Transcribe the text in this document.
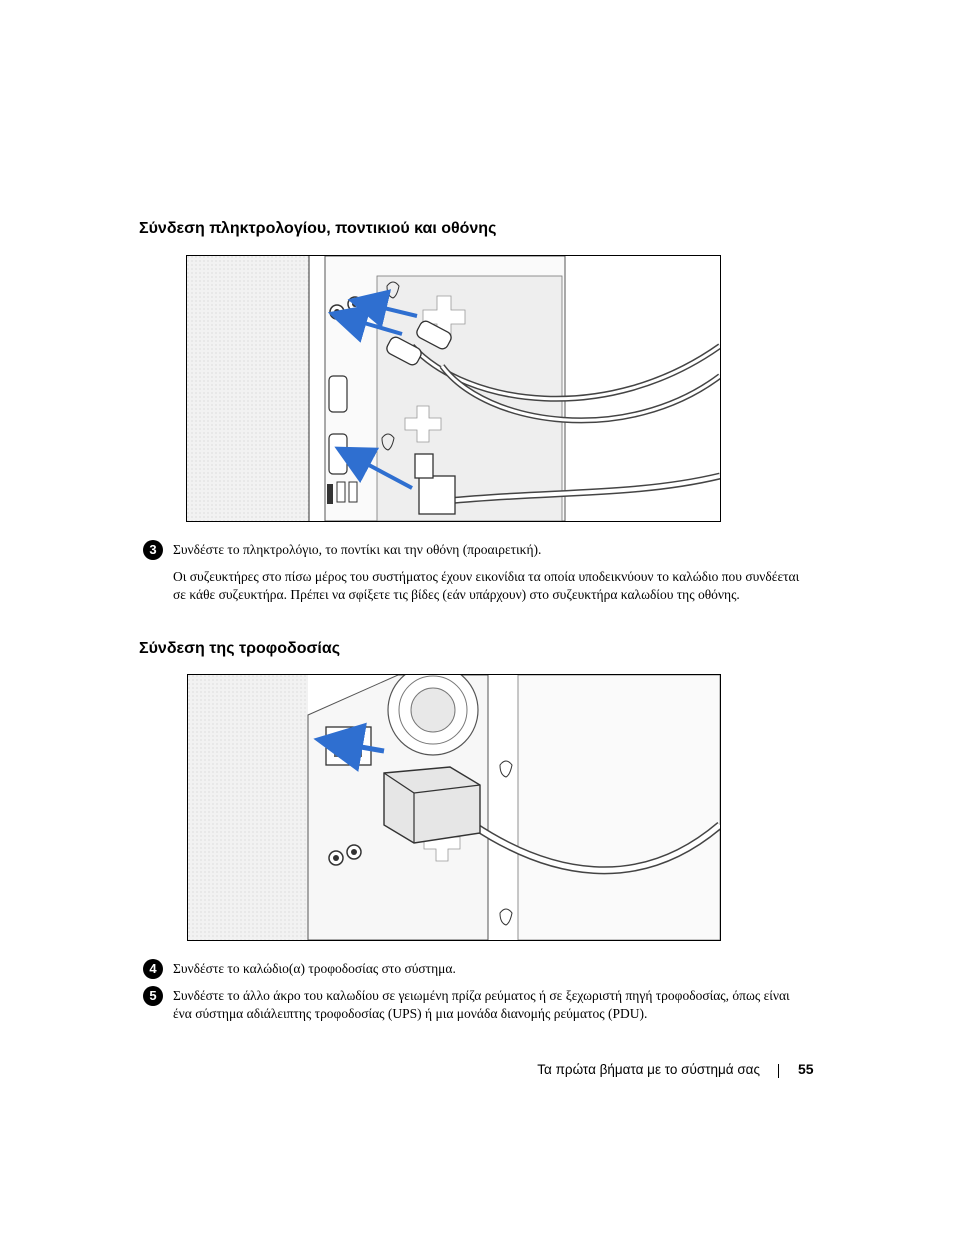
Σύνδεση πληκτρολογίου, ποντικιού και οθόνης
3	Συνδέστε το πληκτρολόγιο, το ποντίκι και την οθόνη (προαιρετική).

Οι συζευκτήρες στο πίσω μέρος του συστήματος έχουν εικονίδια τα οποία υποδεικνύουν το καλώδιο που συνδέεται σε κάθε συζευκτήρα. Πρέπει να σφίξετε τις βίδες (εάν υπάρχουν) στο συζευκτήρα καλωδίου της οθόνης.

Σύνδεση της τροφοδοσίας
4	Συνδέστε το καλώδιο(α) τροφοδοσίας στο σύστημα.

5	Συνδέστε το άλλο άκρο του καλωδίου σε γειωμένη πρίζα ρεύματος ή σε ξεχωριστή πηγή τροφοδοσίας, όπως είναι ένα σύστημα αδιάλειπτης τροφοδοσίας (UPS) ή μια μονάδα διανομής ρεύματος (PDU).

Τα πρώτα βήματα με το σύστημά σας	55
